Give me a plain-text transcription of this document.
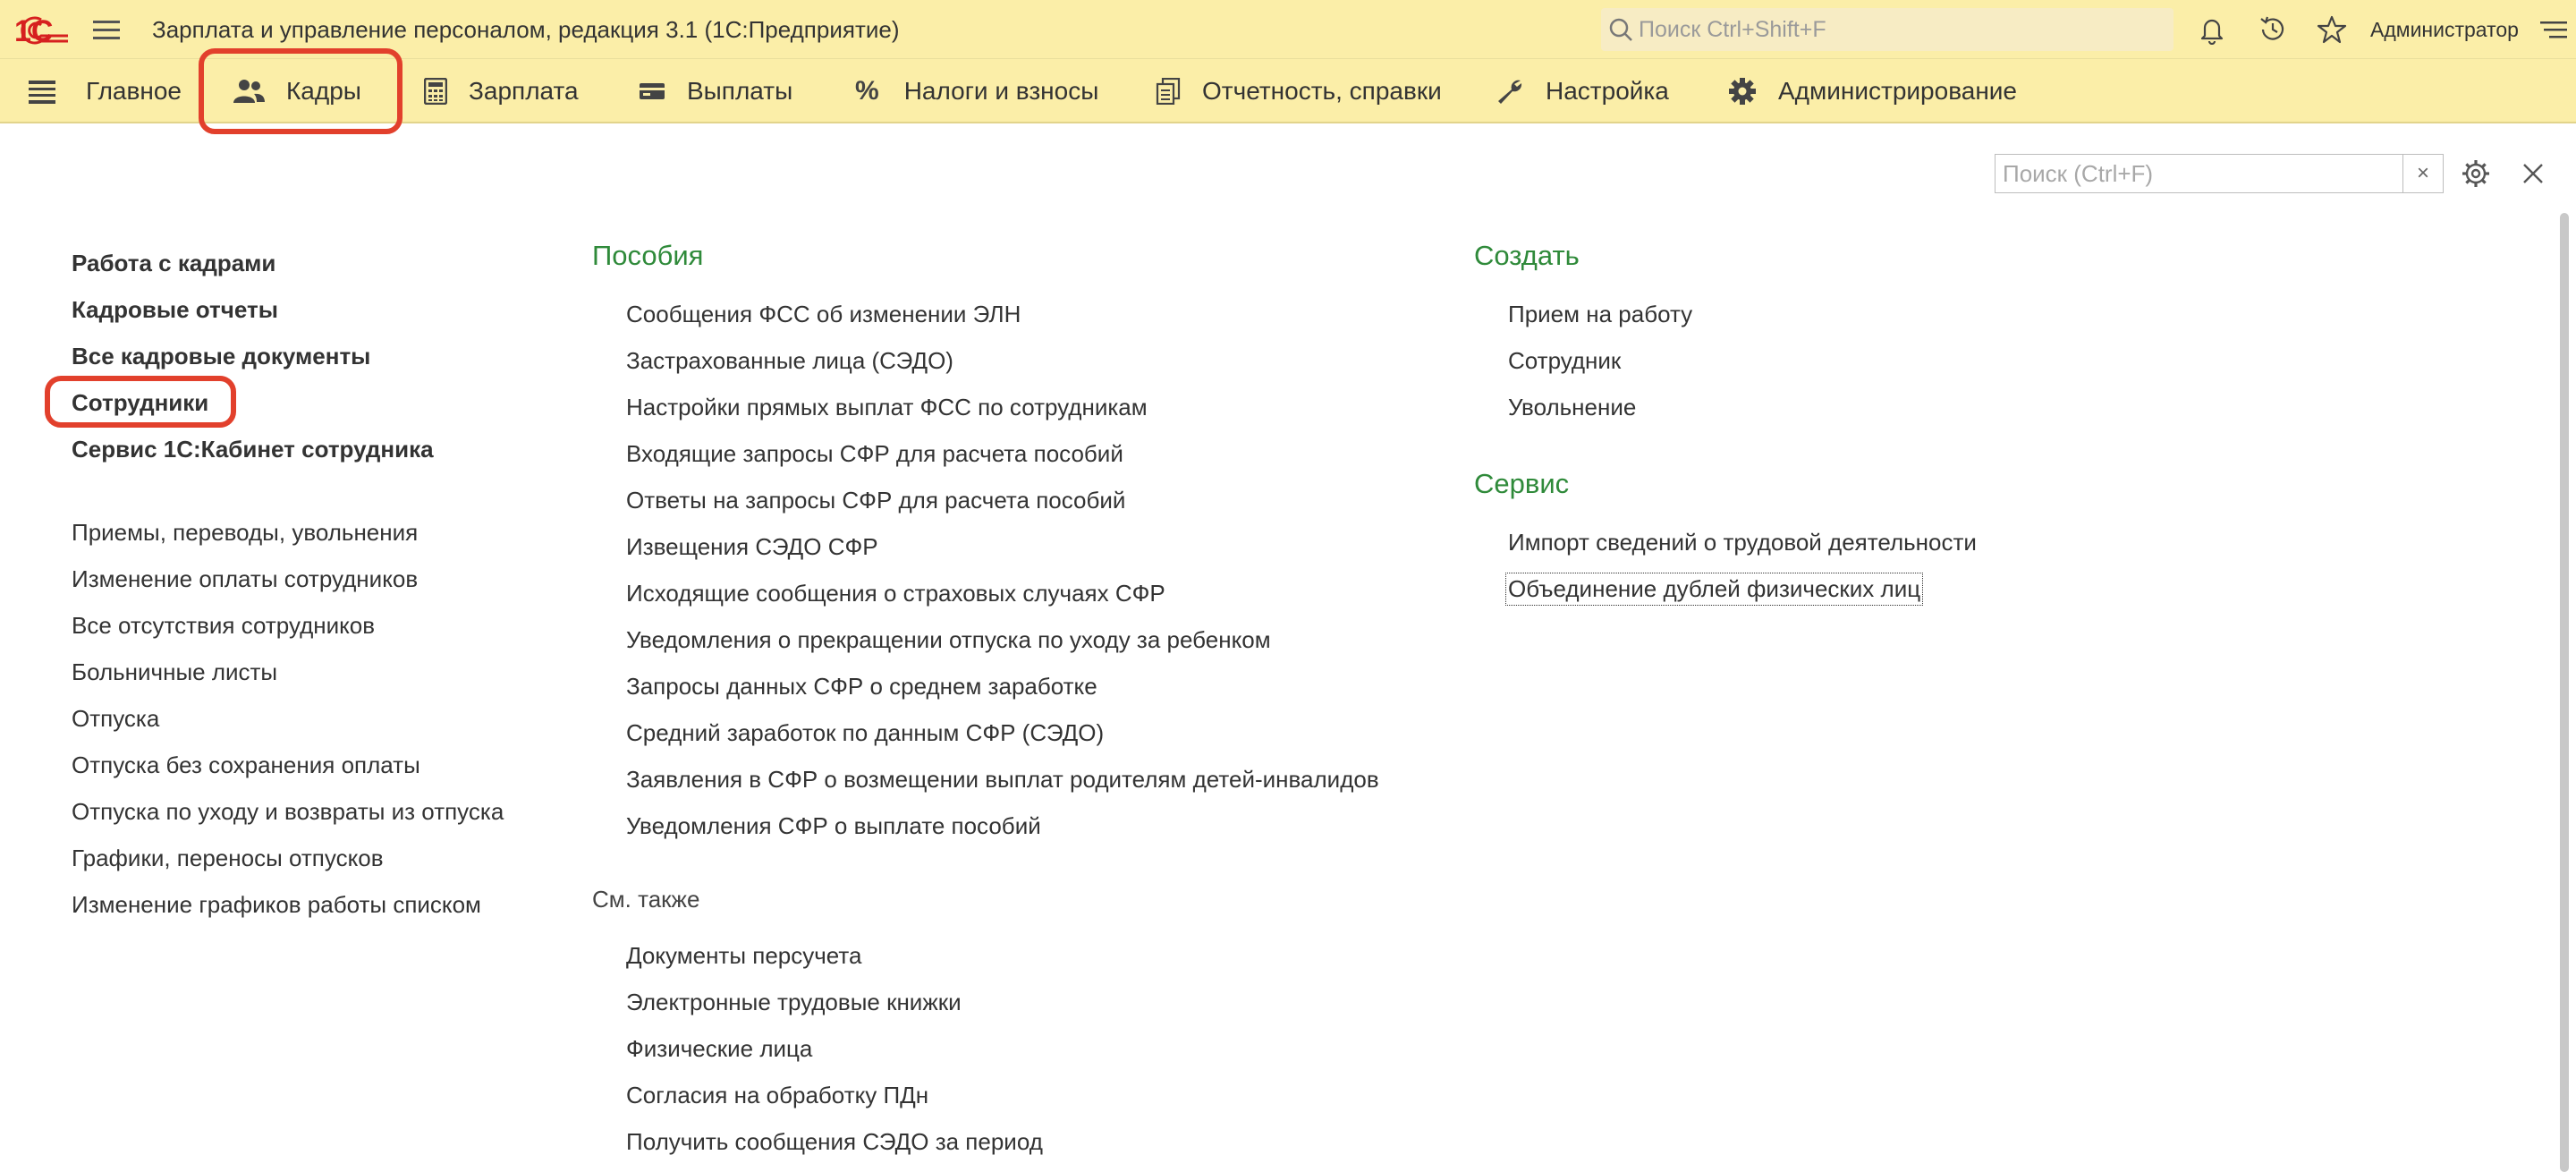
1С	Зарплата и управление персоналом, редакция 3.1 (1С:Предприятие)	Поиск Ctrl+Shift+F	Администратор
Главное	Кадры	Зарплата	Выплаты % Налоги и взносы	Отчетность, справки	Настройка	Администрирование
Поиск (Ctrl+F)
×
Работа с кадрами
Кадровые отчеты
Все кадровые документы
Сотрудники
Сервис 1С:Кабинет сотрудника
Приемы, переводы, увольнения
Изменение оплаты сотрудников
Все отсутствия сотрудников
Больничные листы
Отпуска
Отпуска без сохранения оплаты
Отпуска по уходу и возвраты из отпуска
Графики, переносы отпусков
Изменение графиков работы списком
Пособия
Сообщения ФСС об изменении ЭЛН
Застрахованные лица (СЭДО)
Настройки прямых выплат ФСС по сотрудникам
Входящие запросы СФР для расчета пособий
Ответы на запросы СФР для расчета пособий
Извещения СЭДО СФР
Исходящие сообщения о страховых случаях СФР
Уведомления о прекращении отпуска по уходу за ребенком
Запросы данных СФР о среднем заработке
Средний заработок по данным СФР (СЭДО)
Заявления в СФР о возмещении выплат родителям детей-инвалидов
Уведомления СФР о выплате пособий
См. также
Документы персучета
Электронные трудовые книжки
Физические лица
Согласия на обработку ПДн
Получить сообщения СЭДО за период
Создать
Прием на работу
Сотрудник
Увольнение
Сервис
Импорт сведений о трудовой деятельности
Объединение дублей физических лиц
